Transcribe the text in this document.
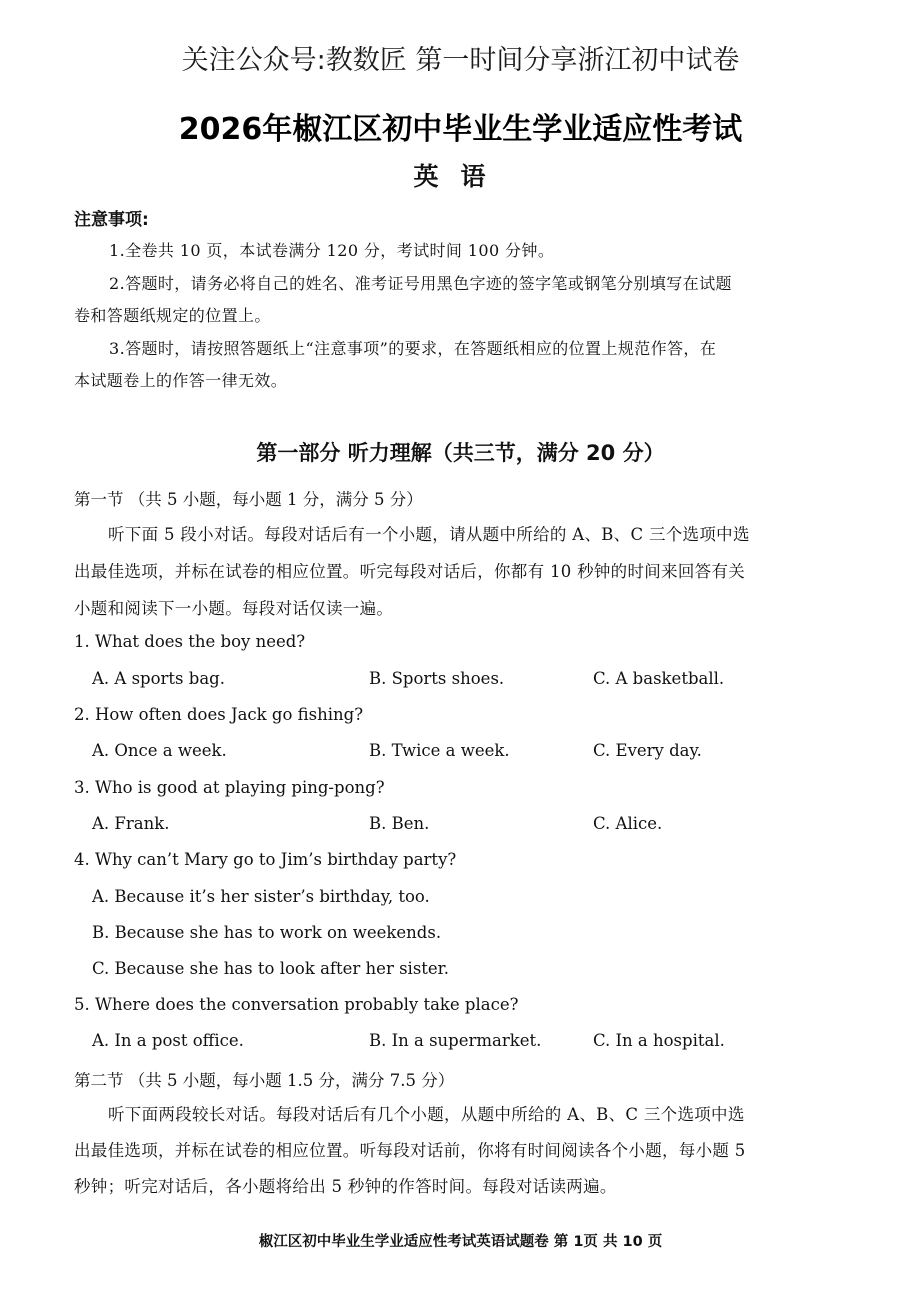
关注公众号:教数匠 第一时间分享浙江初中试卷
2026年椒江区初中毕业生学业适应性考试
英语
注意事项:
1.全卷共 10 页，本试卷满分 120 分，考试时间 100 分钟。
2.答题时，请务必将自己的姓名、准考证号用黑色字迹的签字笔或钢笔分别填写在试题
卷和答题纸规定的位置上。
3.答题时，请按照答题纸上“注意事项”的要求，在答题纸相应的位置上规范作答，在
本试题卷上的作答一律无效。
第一部分 听力理解（共三节，满分 20 分）
第一节 （共 5 小题，每小题 1 分，满分 5 分）
听下面 5 段小对话。每段对话后有一个小题，请从题中所给的 A、B、C 三个选项中选
出最佳选项，并标在试卷的相应位置。听完每段对话后，你都有 10 秒钟的时间来回答有关
小题和阅读下一小题。每段对话仅读一遍。
1. What does the boy need?
A. A sports bag.	B. Sports shoes.	C. A basketball.
2. How often does Jack go fishing?
A. Once a week.	B. Twice a week.	C. Every day.
3. Who is good at playing ping-pong?
A. Frank.	B. Ben.	C. Alice.
4. Why can’t Mary go to Jim’s birthday party?
A. Because it’s her sister’s birthday, too.
B. Because she has to work on weekends.
C. Because she has to look after her sister.
5. Where does the conversation probably take place?
A. In a post office.	B. In a supermarket.	C. In a hospital.
第二节 （共 5 小题，每小题 1.5 分，满分 7.5 分）
听下面两段较长对话。每段对话后有几个小题，从题中所给的 A、B、C 三个选项中选
出最佳选项，并标在试卷的相应位置。听每段对话前，你将有时间阅读各个小题，每小题 5
秒钟；听完对话后，各小题将给出 5 秒钟的作答时间。每段对话读两遍。
椒江区初中毕业生学业适应性考试英语试题卷 第 1页 共 10 页
